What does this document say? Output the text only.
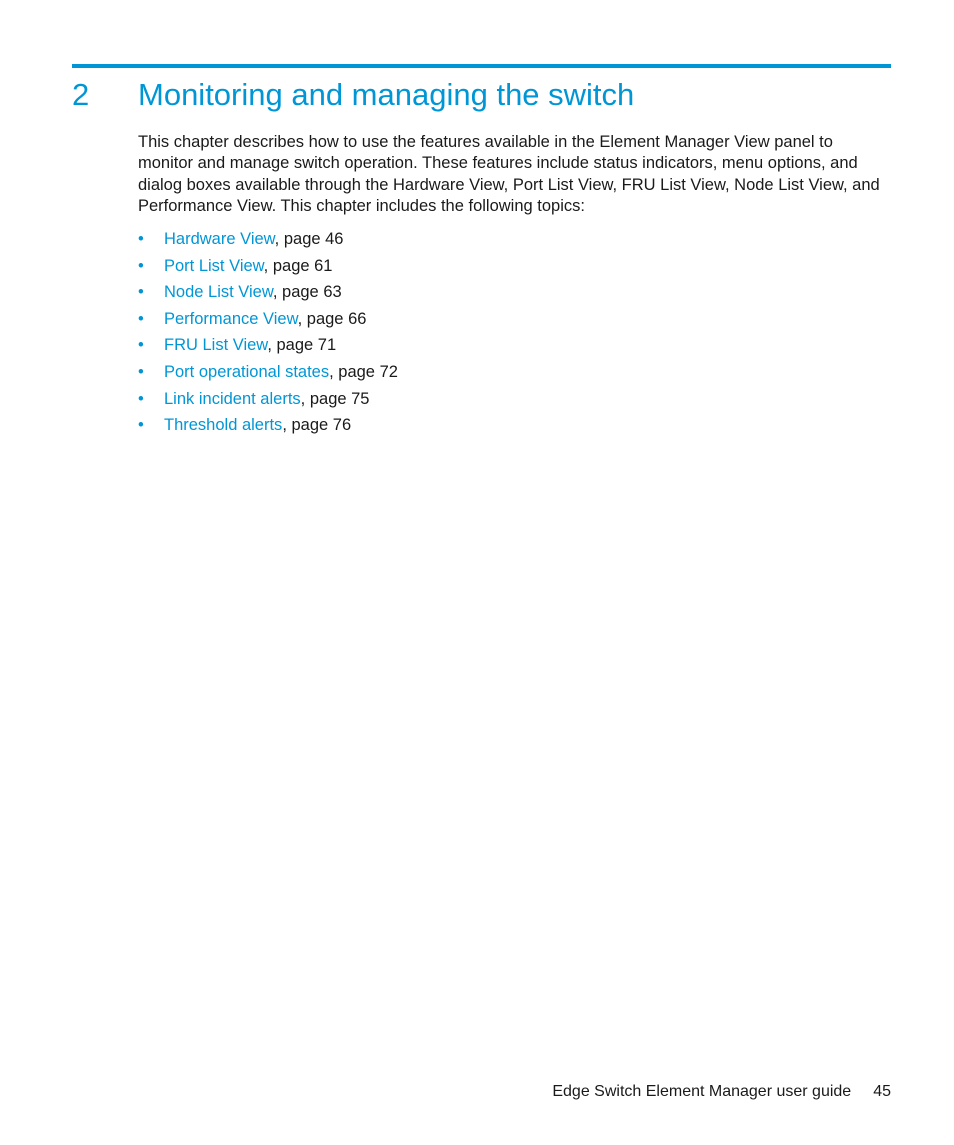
2	Monitoring and managing the switch

This chapter describes how to use the features available in the Element Manager View panel to monitor and manage switch operation. These features include status indicators, menu options, and dialog boxes available through the Hardware View, Port List View, FRU List View, Node List View, and Performance View. This chapter includes the following topics:

• Hardware View, page 46
• Port List View, page 61
• Node List View, page 63
• Performance View, page 66
• FRU List View, page 71
• Port operational states, page 72
• Link incident alerts, page 75
• Threshold alerts, page 76
Edge Switch Element Manager user guide 45
